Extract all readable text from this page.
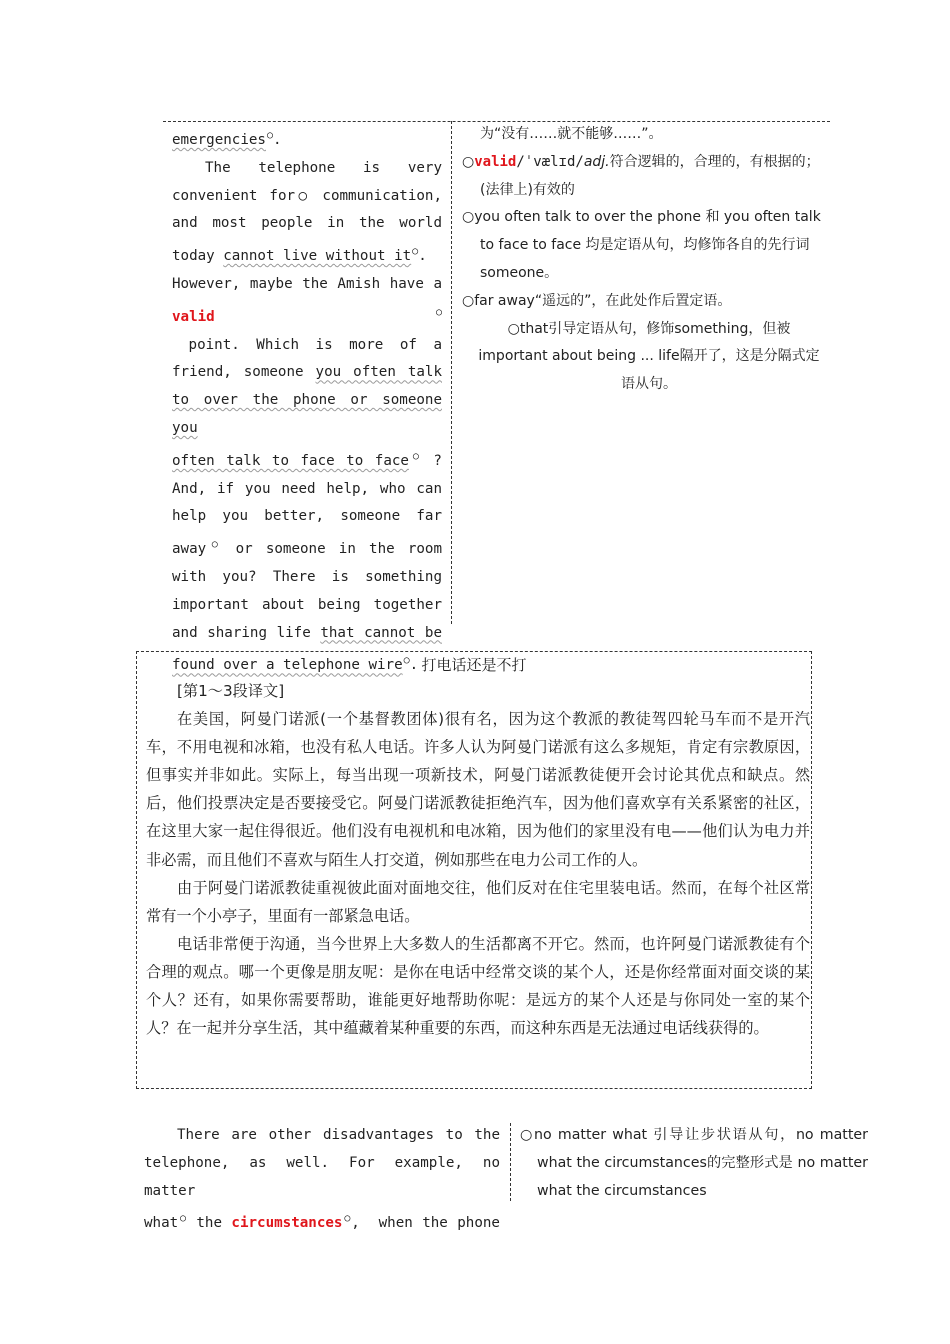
emergencies○.

The telephone is very

convenient for○ communication,

and most people in the world

today cannot live without it○.

However, maybe the Amish have a

valid○ point. Which is more of a

friend, someone you often talk

to over the phone or someone you

often talk to face to face○ ?

And, if you need help, who can

help you better, someone far

away○ or someone in the room

with you? There is something

important about being together

and sharing life that cannot be

found over a telephone wire○.

为“没有……就不能够……”。

○valid/ˈvælɪd/adj.符合逻辑的，合理的，有根据的；(法律上)有效的

○you often talk to over the phone 和 you often talk to face to face 均是定语从句，均修饰各自的先行词someone。

○far away“遥远的”，在此处作后置定语。

○that引导定语从句，修饰something，但被important about being ... life隔开了，这是分隔式定语从句。

打电话还是不打

[第1～3段译文]

在美国，阿曼门诺派(一个基督教团体)很有名，因为这个教派的教徒驾四轮马车而不是开汽车，不用电视和冰箱，也没有私人电话。许多人认为阿曼门诺派有这么多规矩，肯定有宗教原因，但事实并非如此。实际上，每当出现一项新技术，阿曼门诺派教徒便开会讨论其优点和缺点。然后，他们投票决定是否要接受它。阿曼门诺派教徒拒绝汽车，因为他们喜欢享有关系紧密的社区，在这里大家一起住得很近。他们没有电视机和电冰箱，因为他们的家里没有电——他们认为电力并非必需，而且他们不喜欢与陌生人打交道，例如那些在电力公司工作的人。

由于阿曼门诺派教徒重视彼此面对面地交往，他们反对在住宅里装电话。然而，在每个社区常常有一个小亭子，里面有一部紧急电话。

电话非常便于沟通，当今世界上大多数人的生活都离不开它。然而，也许阿曼门诺派教徒有个合理的观点。哪一个更像是朋友呢：是你在电话中经常交谈的某个人，还是你经常面对面交谈的某个人？还有，如果你需要帮助，谁能更好地帮助你呢：是远方的某个人还是与你同处一室的某个人？在一起并分享生活，其中蕴藏着某种重要的东西，而这种东西是无法通过电话线获得的。

There are other disadvantages to the
telephone, as well. For example, no matter
what○ the circumstances○,  when the phone
○no matter what 引导让步状语从句，no matter what the circumstances的完整形式是 no matter what the circumstances
